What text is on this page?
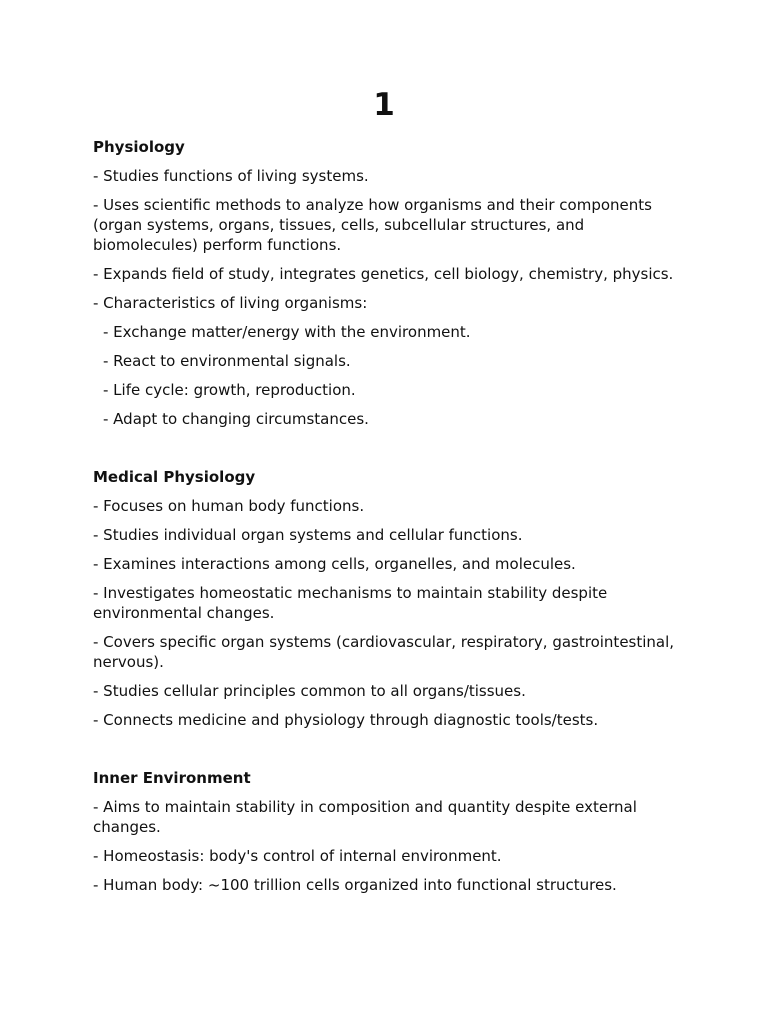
1
Physiology
- Studies functions of living systems.
- Uses scientific methods to analyze how organisms and their components (organ systems, organs, tissues, cells, subcellular structures, and biomolecules) perform functions.
- Expands field of study, integrates genetics, cell biology, chemistry, physics.
- Characteristics of living organisms:
- Exchange matter/energy with the environment.
- React to environmental signals.
- Life cycle: growth, reproduction.
- Adapt to changing circumstances.
Medical Physiology
- Focuses on human body functions.
- Studies individual organ systems and cellular functions.
- Examines interactions among cells, organelles, and molecules.
- Investigates homeostatic mechanisms to maintain stability despite environmental changes.
- Covers specific organ systems (cardiovascular, respiratory, gastrointestinal, nervous).
- Studies cellular principles common to all organs/tissues.
- Connects medicine and physiology through diagnostic tools/tests.
Inner Environment
- Aims to maintain stability in composition and quantity despite external changes.
- Homeostasis: body's control of internal environment.
- Human body: ~100 trillion cells organized into functional structures.
